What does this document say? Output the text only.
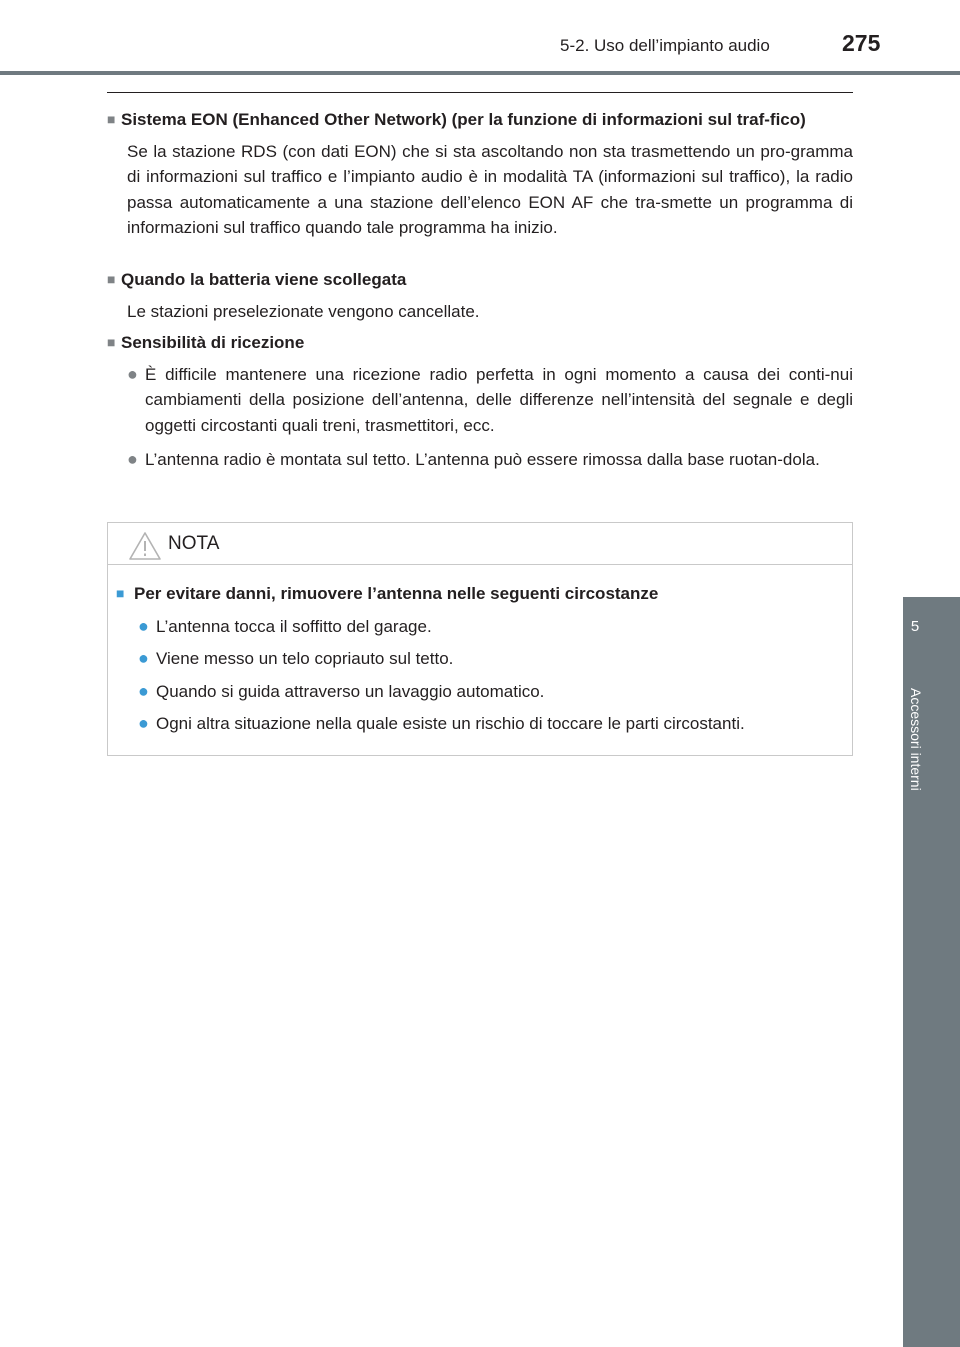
5-2. Uso dell’impianto audio	275
5
Accessori interni
■ Sistema EON (Enhanced Other Network) (per la funzione di informazioni sul traf-fico)
Se la stazione RDS (con dati EON) che si sta ascoltando non sta trasmettendo un pro-gramma di informazioni sul traffico e l’impianto audio è in modalità TA (informazioni sul traffico), la radio passa automaticamente a una stazione dell’elenco EON AF che tra-smette un programma di informazioni sul traffico quando tale programma ha inizio.
■ Quando la batteria viene scollegata
Le stazioni preselezionate vengono cancellate.
■ Sensibilità di ricezione
● È difficile mantenere una ricezione radio perfetta in ogni momento a causa dei conti-nui cambiamenti della posizione dell’antenna, delle differenze nell’intensità del segnale e degli oggetti circostanti quali treni, trasmettitori, ecc.
● L’antenna radio è montata sul tetto. L’antenna può essere rimossa dalla base ruotan-dola.
NOTA
■ Per evitare danni, rimuovere l’antenna nelle seguenti circostanze
● L’antenna tocca il soffitto del garage.
● Viene messo un telo copriauto sul tetto.
● Quando si guida attraverso un lavaggio automatico.
● Ogni altra situazione nella quale esiste un rischio di toccare le parti circostanti.
